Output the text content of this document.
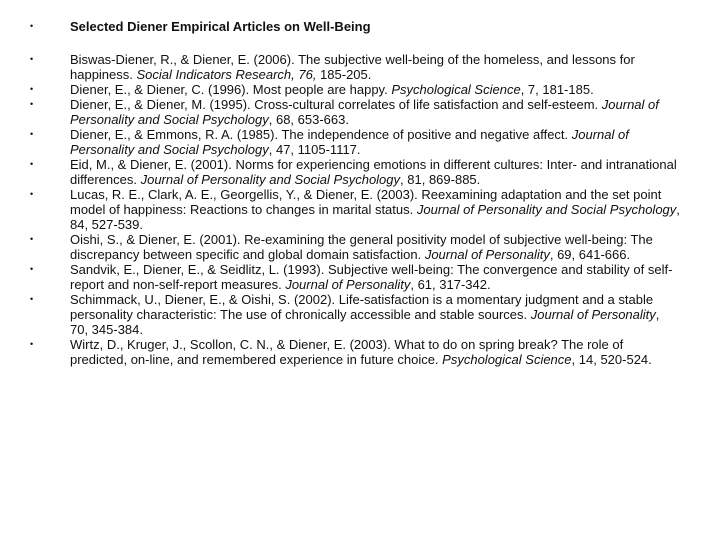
•	Selected Diener Empirical Articles on Well-Being
•	Biswas-Diener, R., & Diener, E. (2006). The subjective well-being of the homeless, and lessons for happiness. Social Indicators Research, 76, 185-205.
•	Diener, E., & Diener, C. (1996). Most people are happy. Psychological Science, 7, 181-185.
•	Diener, E., & Diener, M. (1995). Cross-cultural correlates of life satisfaction and self-esteem. Journal of Personality and Social Psychology, 68, 653-663.
•	Diener, E., & Emmons, R. A. (1985). The independence of positive and negative affect. Journal of Personality and Social Psychology, 47, 1105-1117.
•	Eid, M., & Diener, E. (2001). Norms for experiencing emotions in different cultures: Inter- and intranational differences. Journal of Personality and Social Psychology, 81, 869-885.
•	Lucas, R. E., Clark, A. E., Georgellis, Y., & Diener, E. (2003). Reexamining adaptation and the set point model of happiness: Reactions to changes in marital status. Journal of Personality and Social Psychology, 84, 527-539.
•	Oishi, S., & Diener, E. (2001). Re-examining the general positivity model of subjective well-being: The discrepancy between specific and global domain satisfaction. Journal of Personality, 69, 641-666.
•	Sandvik, E., Diener, E., & Seidlitz, L. (1993). Subjective well-being: The convergence and stability of self-report and non-self-report measures. Journal of Personality, 61, 317-342.
•	Schimmack, U., Diener, E., & Oishi, S. (2002). Life-satisfaction is a momentary judgment and a stable personality characteristic: The use of chronically accessible and stable sources. Journal of Personality, 70, 345-384.
•	Wirtz, D., Kruger, J., Scollon, C. N., & Diener, E. (2003). What to do on spring break? The role of predicted, on-line, and remembered experience in future choice. Psychological Science, 14, 520-524.
